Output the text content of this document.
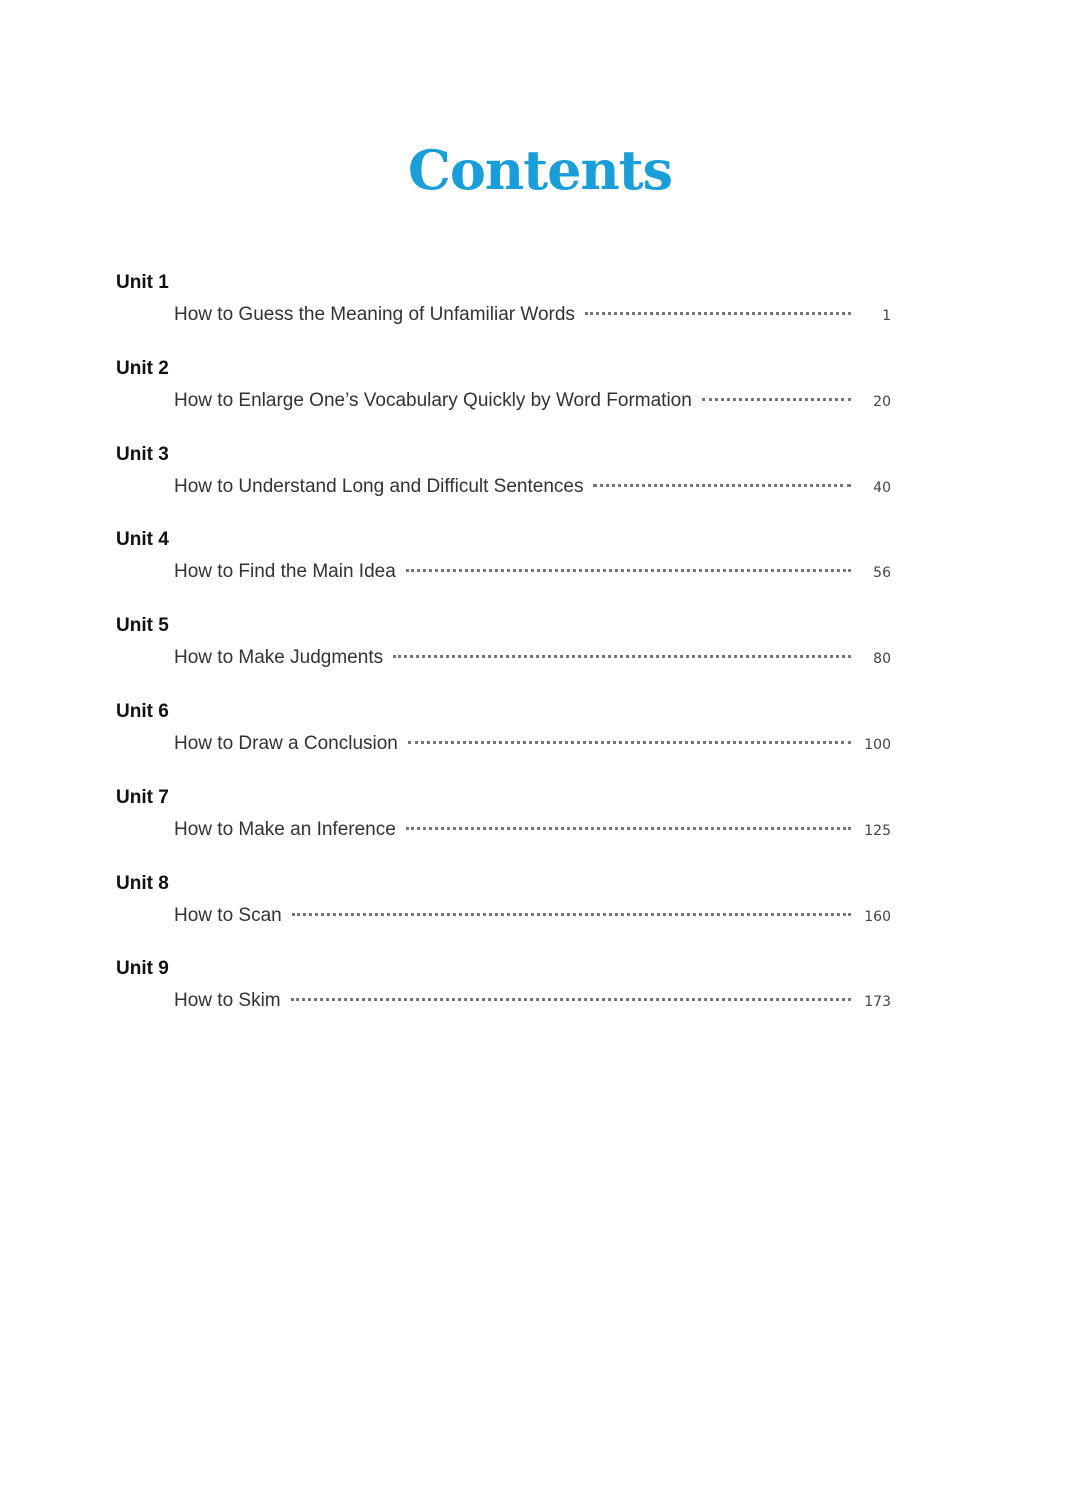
Contents
Unit 1
How to Guess the Meaning of Unfamiliar Words	1
Unit 2
How to Enlarge One’s Vocabulary Quickly by Word Formation	20
Unit 3
How to Understand Long and Difficult Sentences	40
Unit 4
How to Find the Main Idea	56
Unit 5
How to Make Judgments	80
Unit 6
How to Draw a Conclusion	100
Unit 7
How to Make an Inference	125
Unit 8
How to Scan	160
Unit 9
How to Skim	173
